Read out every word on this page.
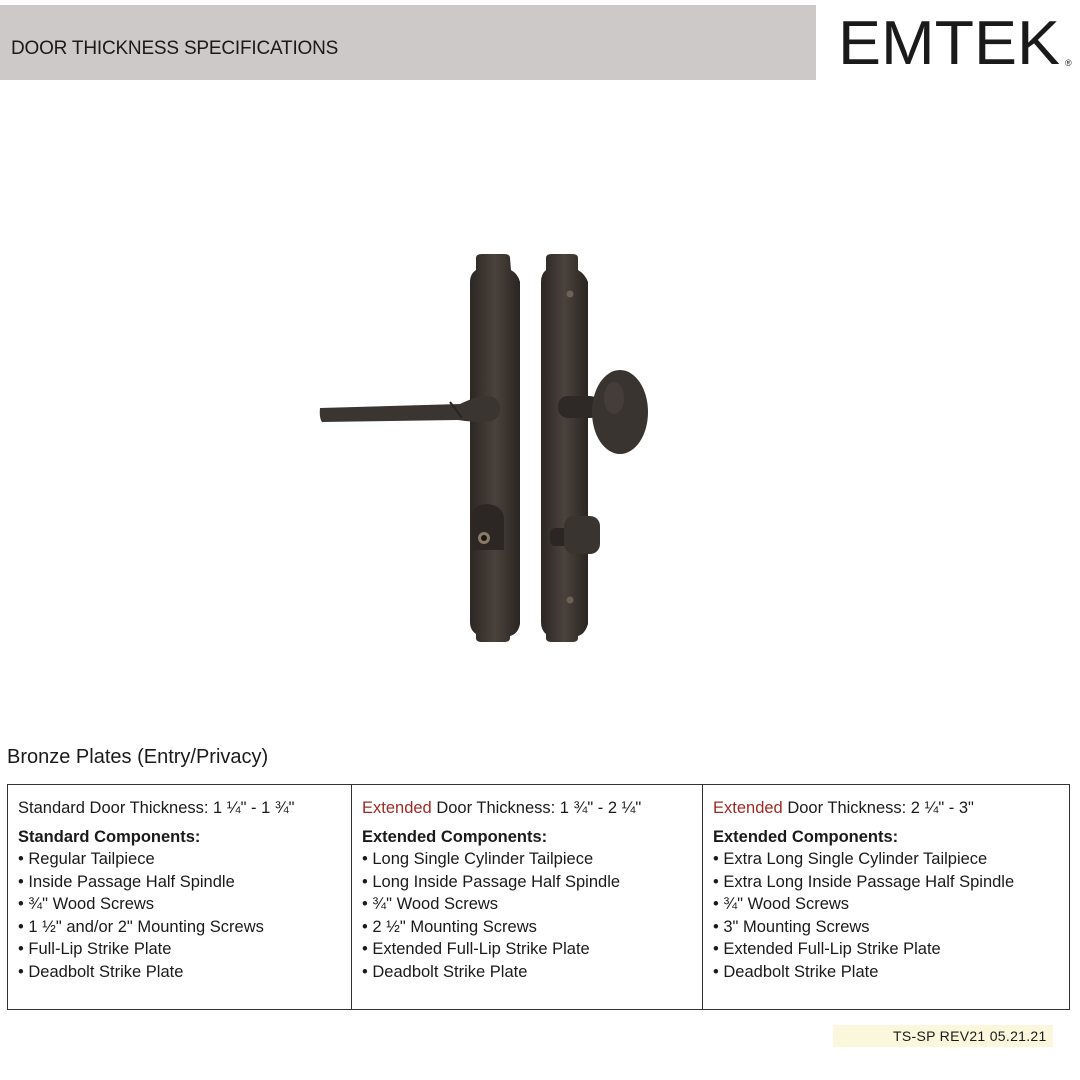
DOOR THICKNESS SPECIFICATIONS	EMTEK ®
Bronze Plates (Entry/Privacy)
Standard Door Thickness: 1 ¼" - 1 ¾"
Standard Components:
• Regular Tailpiece
• Inside Passage Half Spindle
• ¾" Wood Screws
• 1 ½" and/or 2" Mounting Screws
• Full-Lip Strike Plate
• Deadbolt Strike Plate
Extended Door Thickness: 1 ¾" - 2 ¼"
Extended Components:
• Long Single Cylinder Tailpiece
• Long Inside Passage Half Spindle
• ¾" Wood Screws
• 2 ½" Mounting Screws
• Extended Full-Lip Strike Plate
• Deadbolt Strike Plate
Extended Door Thickness: 2 ¼" - 3"
Extended Components:
• Extra Long Single Cylinder Tailpiece
• Extra Long Inside Passage Half Spindle
• ¾" Wood Screws
• 3" Mounting Screws
• Extended Full-Lip Strike Plate
• Deadbolt Strike Plate
TS-SP REV21 05.21.21
